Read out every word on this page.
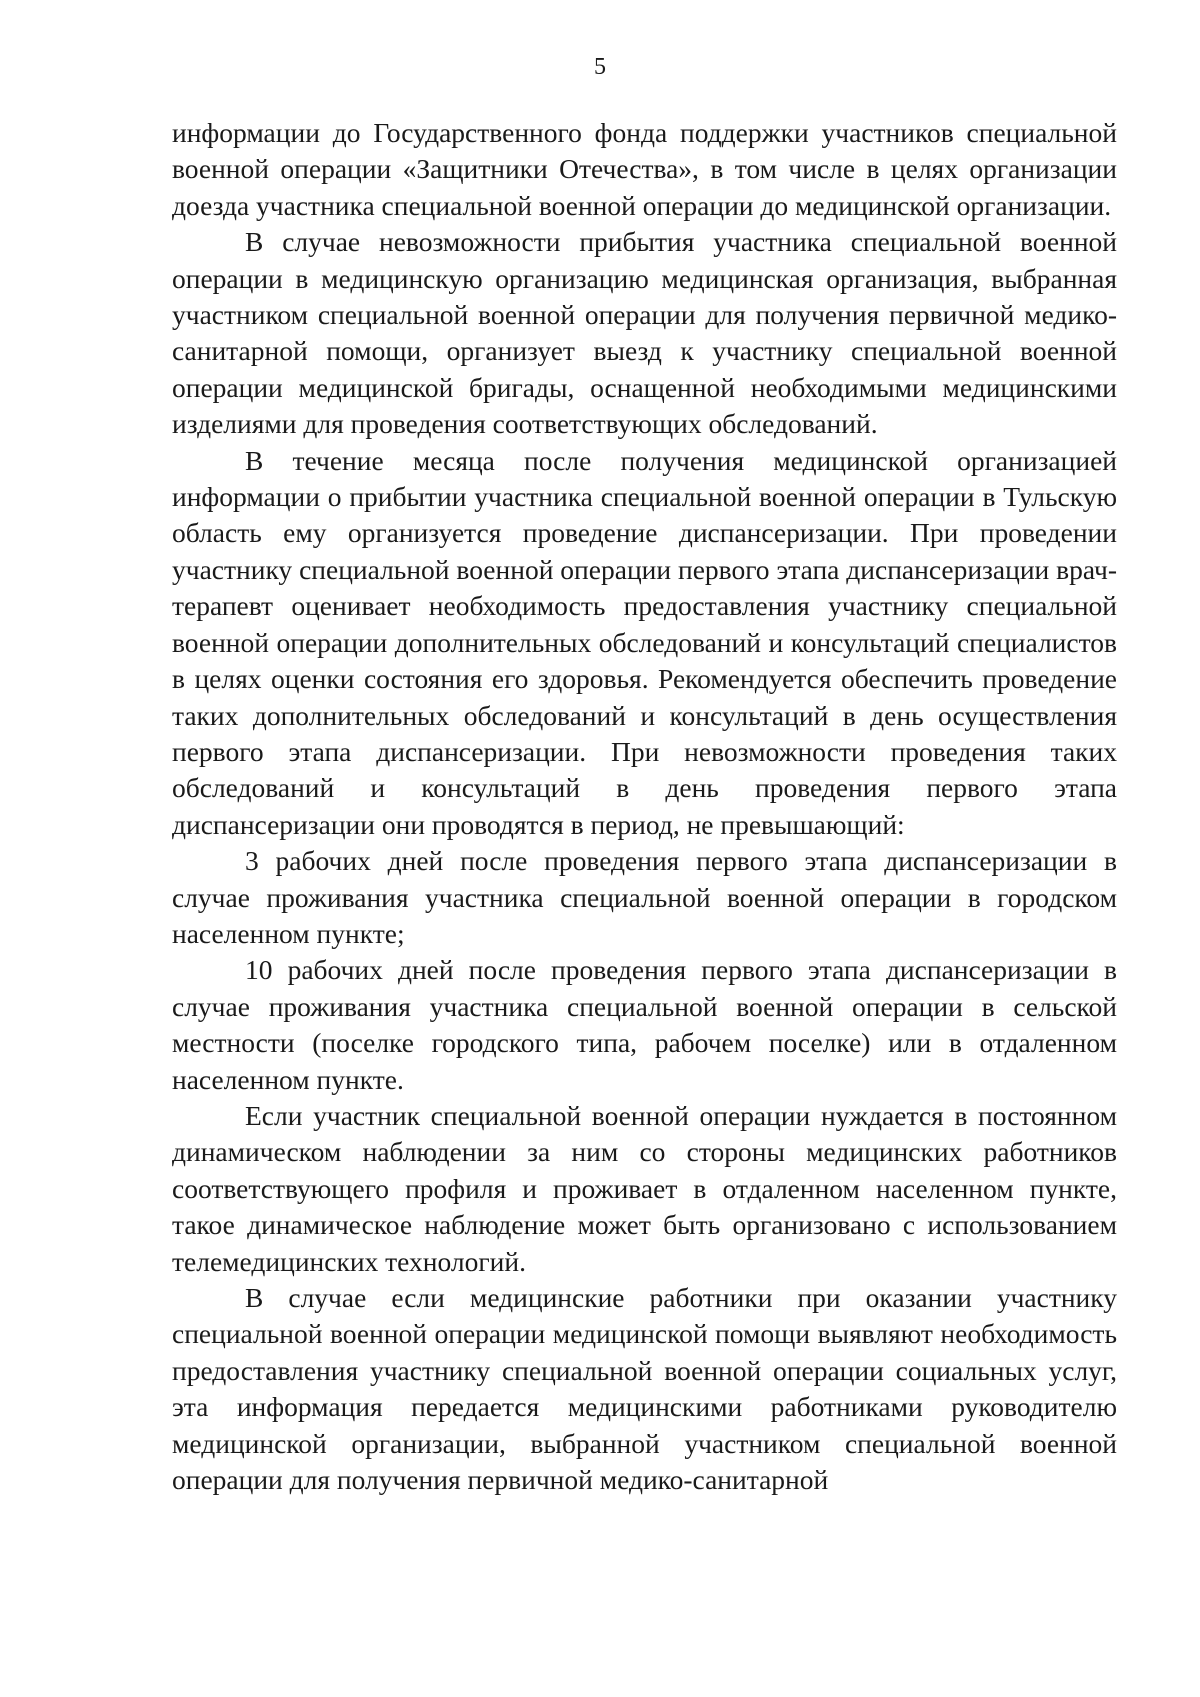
5

информации до Государственного фонда поддержки участников специальной военной операции «Защитники Отечества», в том числе в целях организации доезда участника специальной военной операции до медицинской организации.

В случае невозможности прибытия участника специальной военной операции в медицинскую организацию медицинская организация, выбранная участником специальной военной операции для получения первичной медико-санитарной помощи, организует выезд к участнику специальной военной операции медицинской бригады, оснащенной необходимыми медицинскими изделиями для проведения соответствующих обследований.

В течение месяца после получения медицинской организацией информации о прибытии участника специальной военной операции в Тульскую область ему организуется проведение диспансеризации. При проведении участнику специальной военной операции первого этапа диспансеризации врач-терапевт оценивает необходимость предоставления участнику специальной военной операции дополнительных обследований и консультаций специалистов в целях оценки состояния его здоровья. Рекомендуется обеспечить проведение таких дополнительных обследований и консультаций в день осуществления первого этапа диспансеризации. При невозможности проведения таких обследований и консультаций в день проведения первого этапа диспансеризации они проводятся в период, не превышающий:

3 рабочих дней после проведения первого этапа диспансеризации в случае проживания участника специальной военной операции в городском населенном пункте;

10 рабочих дней после проведения первого этапа диспансеризации в случае проживания участника специальной военной операции в сельской местности (поселке городского типа, рабочем поселке) или в отдаленном населенном пункте.

Если участник специальной военной операции нуждается в постоянном динамическом наблюдении за ним со стороны медицинских работников соответствующего профиля и проживает в отдаленном населенном пункте, такое динамическое наблюдение может быть организовано с использованием телемедицинских технологий.

В случае если медицинские работники при оказании участнику специальной военной операции медицинской помощи выявляют необходимость предоставления участнику специальной военной операции социальных услуг, эта информация передается медицинскими работниками руководителю медицинской организации, выбранной участником специальной военной операции для получения первичной медико-санитарной
